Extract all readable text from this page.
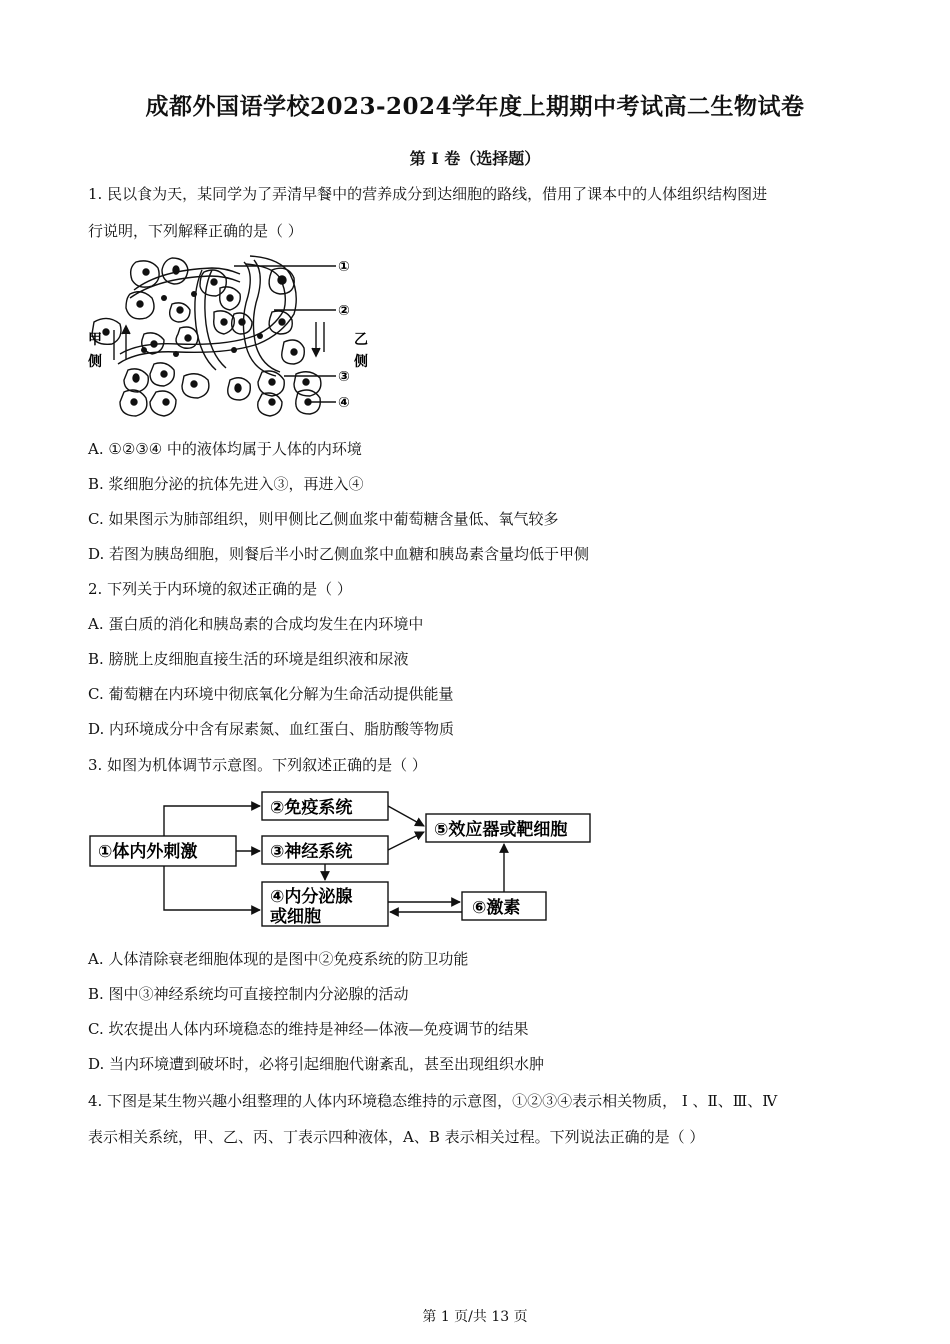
成都外国语学校2023-2024学年度上期期中考试高二生物试卷
第 I 卷（选择题）
1. 民以食为天，某同学为了弄清早餐中的营养成分到达细胞的路线，借用了课本中的人体组织结构图进
行说明，下列解释正确的是（ ）
①
②
③
④
甲
侧
乙
侧
A. ①②③④ 中的液体均属于人体的内环境
B. 浆细胞分泌的抗体先进入③，再进入④
C. 如果图示为肺部组织，则甲侧比乙侧血浆中葡萄糖含量低、氧气较多
D. 若图为胰岛细胞，则餐后半小时乙侧血浆中血糖和胰岛素含量均低于甲侧
2. 下列关于内环境的叙述正确的是（ ）
A. 蛋白质的消化和胰岛素的合成均发生在内环境中
B. 膀胱上皮细胞直接生活的环境是组织液和尿液
C. 葡萄糖在内环境中彻底氧化分解为生命活动提供能量
D. 内环境成分中含有尿素氮、血红蛋白、脂肪酸等物质
3. 如图为机体调节示意图。下列叙述正确的是（ ）
①体内外刺激
②免疫系统
③神经系统
④内分泌腺
或细胞
⑤效应器或靶细胞
⑥激素
A. 人体清除衰老细胞体现的是图中②免疫系统的防卫功能
B. 图中③神经系统均可直接控制内分泌腺的活动
C. 坎农提出人体内环境稳态的维持是神经—体液—免疫调节的结果
D. 当内环境遭到破坏时，必将引起细胞代谢紊乱，甚至出现组织水肿
4. 下图是某生物兴趣小组整理的人体内环境稳态维持的示意图，①②③④表示相关物质， Ⅰ 、Ⅱ、Ⅲ、Ⅳ
表示相关系统，甲、乙、丙、丁表示四种液体，A、B 表示相关过程。下列说法正确的是（ ）
第 1 页/共 13 页
